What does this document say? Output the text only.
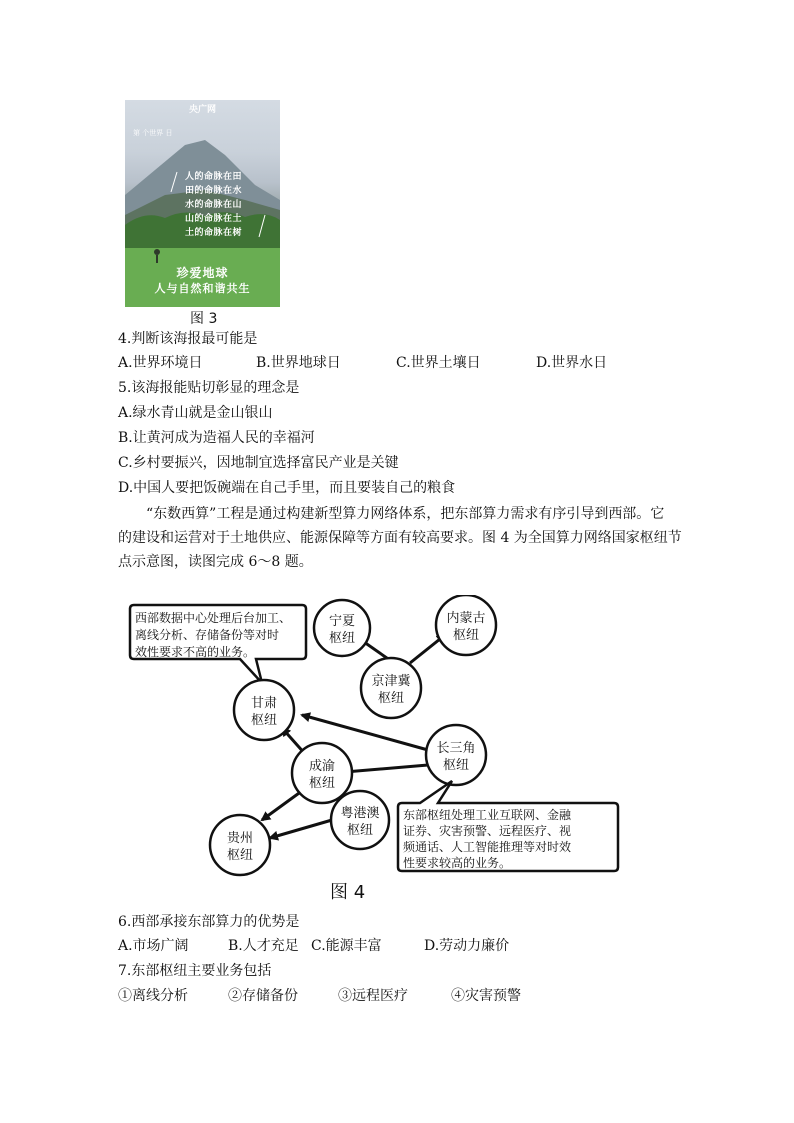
央广网
第 个世界 日
人的命脉在田
田的命脉在水
水的命脉在山
山的命脉在土
土的命脉在树
珍爱地球
人与自然和谐共生
图 3
4.判断该海报最可能是
A.世界环境日	B.世界地球日	C.世界土壤日	D.世界水日
5.该海报能贴切彰显的理念是
A.绿水青山就是金山银山
B.让黄河成为造福人民的幸福河
C.乡村要振兴，因地制宜选择富民产业是关键
D.中国人要把饭碗端在自己手里，而且要装自己的粮食
“东数西算”工程是通过构建新型算力网络体系，把东部算力需求有序引导到西部。它
的建设和运营对于土地供应、能源保障等方面有较高要求。图 4 为全国算力网络国家枢纽节
点示意图，读图完成 6～8 题。
西部数据中心处理后台加工、
离线分析、存储备份等对时
效性要求不高的业务。
宁夏
枢纽
内蒙古
枢纽
京津冀
枢纽
甘肃
枢纽
长三角
枢纽
成渝
枢纽
粤港澳
枢纽
贵州
枢纽
东部枢纽处理工业互联网、金融
证券、灾害预警、远程医疗、视
频通话、人工智能推理等对时效
性要求较高的业务。
图 4
6.西部承接东部算力的优势是
A.市场广阔	B.人才充足 C.能源丰富	D.劳动力廉价
7.东部枢纽主要业务包括
①离线分析	②存储备份	③远程医疗	④灾害预警
